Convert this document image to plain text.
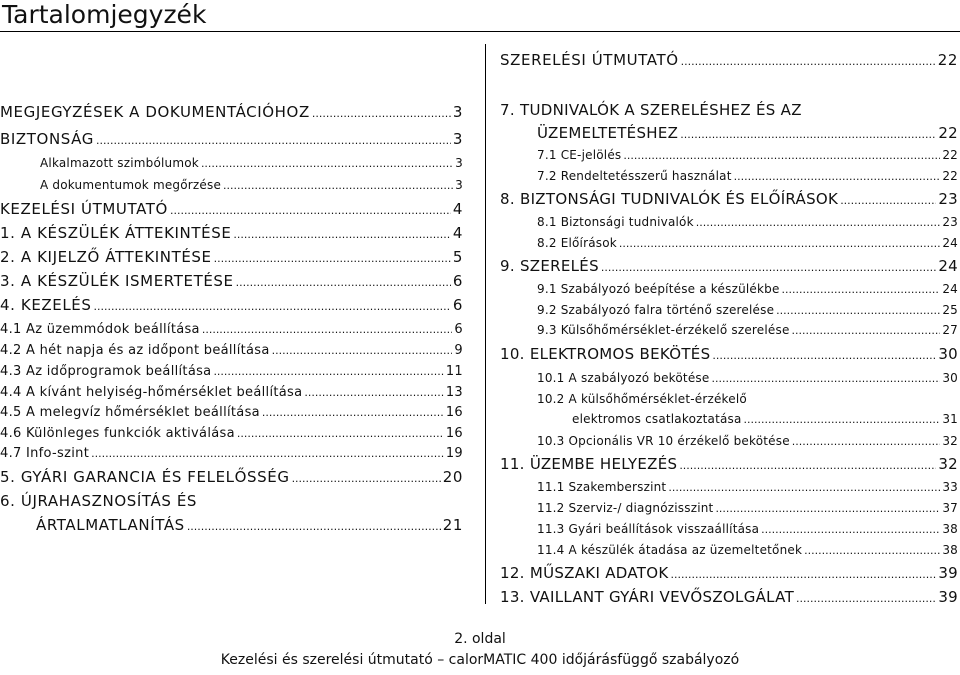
Tartalomjegyzék
MEGJEGYZÉSEK A DOKUMENTÁCIÓHOZ .....	3
BIZTONSÁG .....	3
Alkalmazott szimbólumok .....	3
A dokumentumok megőrzése .....	3
KEZELÉSI ÚTMUTATÓ .....	4
1. A KÉSZÜLÉK ÁTTEKINTÉSE .....	4
2. A KIJELZŐ ÁTTEKINTÉSE .....	5
3. A KÉSZÜLÉK ISMERTETÉSE .....	6
4. KEZELÉS .....	6
4.1 Az üzemmódok beállítása .....	6
4.2 A hét napja és az időpont beállítása .....	9
4.3 Az időprogramok beállítása .....	11
4.4 A kívánt helyiség-hőmérséklet beállítása .....	13
4.5 A melegvíz hőmérséklet beállítása .....	16
4.6 Különleges funkciók aktiválása .....	16
4.7 Info-szint .....	19
5. GYÁRI GARANCIA ÉS FELELŐSSÉG .....	20
6. ÚJRAHASZNOSÍTÁS ÉS
ÁRTALMATLANÍTÁS .....	21
SZERELÉSI ÚTMUTATÓ .....	22
7. TUDNIVALÓK A SZERELÉSHEZ ÉS AZ
ÜZEMELTETÉSHEZ .....	22
7.1 CE-jelölés .....	22
7.2 Rendeltetésszerű használat .....	22
8. BIZTONSÁGI TUDNIVALÓK ÉS ELŐÍRÁSOK .....	23
8.1 Biztonsági tudnivalók .....	23
8.2 Előírások .....	24
9. SZERELÉS .....	24
9.1 Szabályozó beépítése a készülékbe .....	24
9.2 Szabályozó falra történő szerelése .....	25
9.3 Külsőhőmérséklet-érzékelő szerelése .....	27
10. ELEKTROMOS BEKÖTÉS .....	30
10.1 A szabályozó bekötése .....	30
10.2 A külsőhőmérséklet-érzékelő
elektromos csatlakoztatása .....	31
10.3 Opcionális VR 10 érzékelő bekötése .....	32
11. ÜZEMBE HELYEZÉS .....	32
11.1 Szakemberszint .....	33
11.2 Szerviz-/ diagnózisszint .....	37
11.3 Gyári beállítások visszaállítása .....	38
11.4 A készülék átadása az üzemeltetőnek .....	38
12. MŰSZAKI ADATOK .....	39
13. VAILLANT GYÁRI VEVŐSZOLGÁLAT .....	39
2. oldal
Kezelési és szerelési útmutató – calorMATIC 400 időjárásfüggő szabályozó
